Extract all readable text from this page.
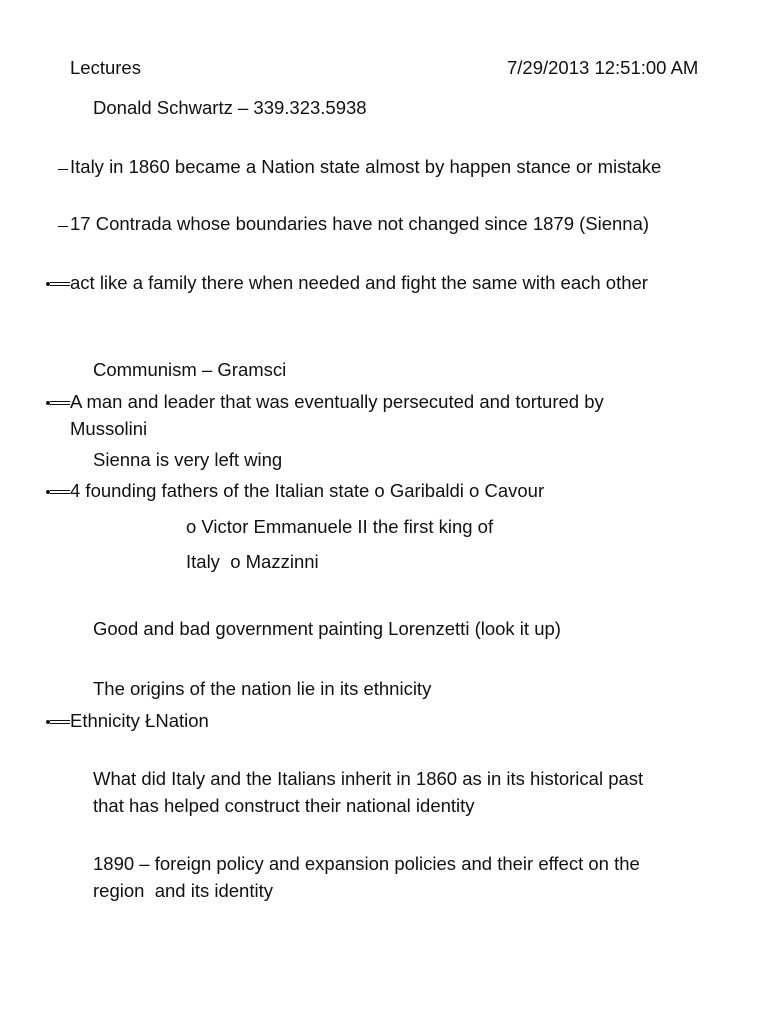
Lectures	7/29/2013 12:51:00 AM
Donald Schwartz – 339.323.5938
Italy in 1860 became a Nation state almost by happen stance or mistake
17 Contrada whose boundaries have not changed since 1879 (Sienna)
act like a family there when needed and fight the same with each other
Communism – Gramsci
A man and leader that was eventually persecuted and tortured by Mussolini
Sienna is very left wing
4 founding fathers of the Italian state o Garibaldi o Cavour
o Victor Emmanuele II the first king of
Italy  o Mazzinni
Good and bad government painting Lorenzetti (look it up)
The origins of the nation lie in its ethnicity
Ethnicity ŁNation
What did Italy and the Italians inherit in 1860 as in its historical past that has helped construct their national identity
1890 – foreign policy and expansion policies and their effect on the region  and its identity
